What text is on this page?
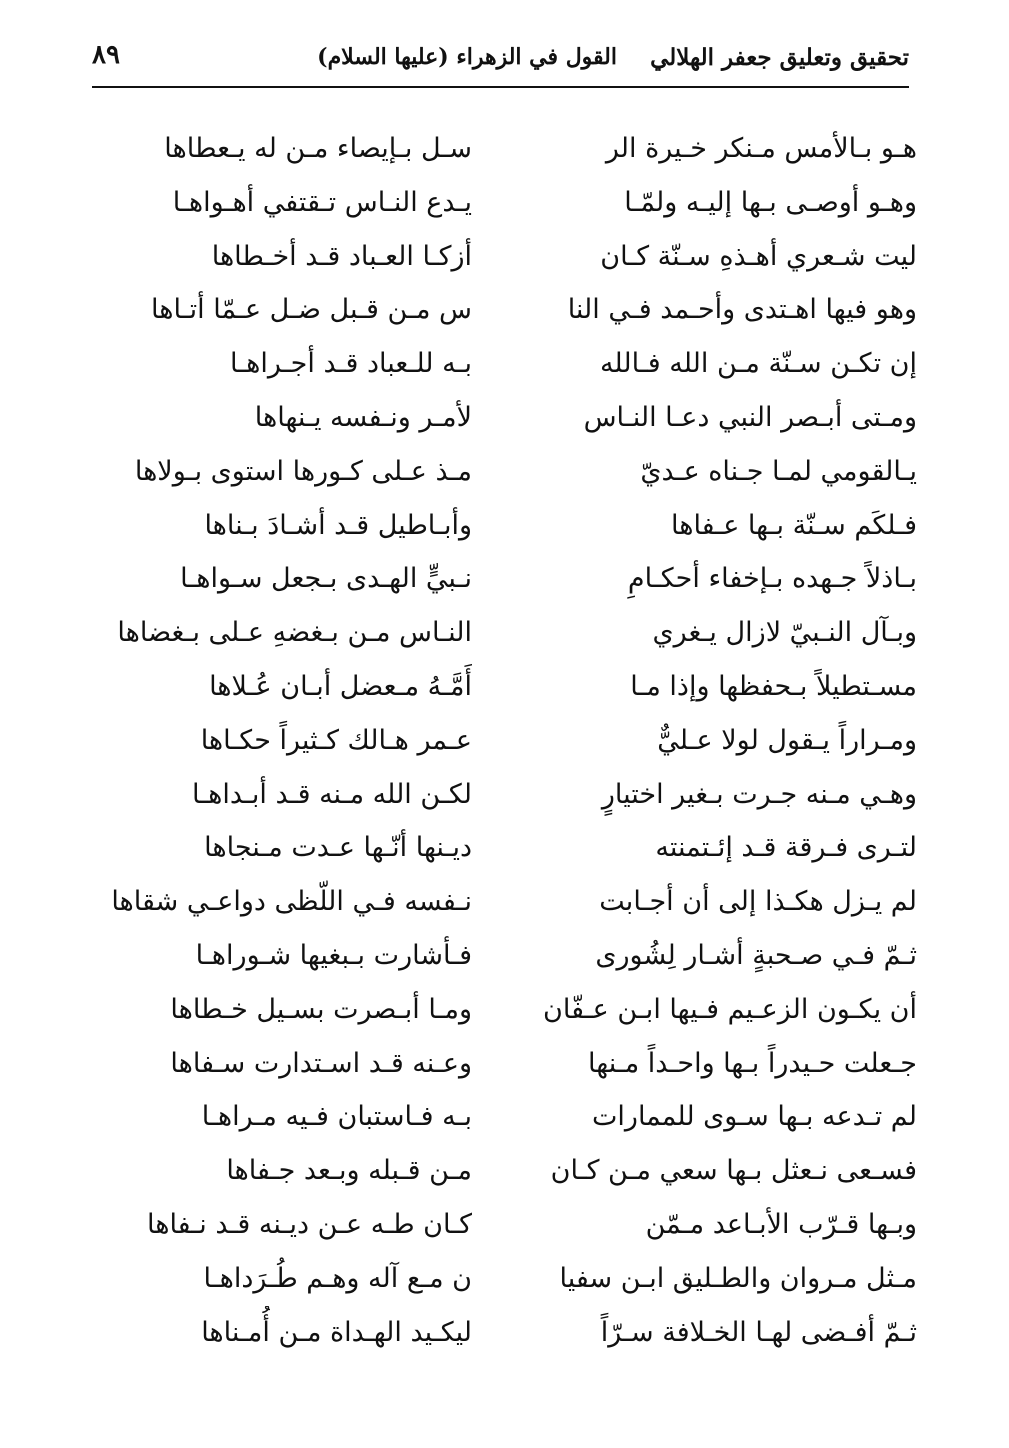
تحقيق وتعليق جعفر الهلالي
القول في الزهراء (عليها السلام)
٨٩
هـو بـالأمس مـنكر خـيرة الر
سـل بـإيصاء مـن له يـعطاها
وهـو أوصـى بـها إليـه ولمّـا
يـدع النـاس تـقتفي أهـواهـا
ليت شـعري أهـذهِ سـنّة كـان
أزكـا العـباد قـد أخـطاها
وهو فيها اهـتدى وأحـمد فـي النا
س مـن قـبل ضـل عـمّا أتـاها
إن تكـن سـنّة مـن الله فـالله
بـه للـعباد قـد أجـراهـا
ومـتى أبـصر النبي دعـا النـاس
لأمـر ونـفسه يـنهاها
يـالقومي لمـا جـناه عـديّ
مـذ عـلى كـورها استوى بـولاها
فـلكَم سـنّة بـها عـفاها
وأبـاطيل قـد أشـادَ بـناها
بـاذلاً جـهده بـإخفاء أحكـامِ
نـبيٍّ الهـدى بـجعل سـواهـا
وبـآل النـبيّ لازال يـغري
النـاس مـن بـغضهِ عـلى بـغضاها
مسـتطيلاً بـحفظها وإذا مـا
أَمَّـهُ مـعضل أبـان عُـلاها
ومـراراً يـقول لولا عـليٌّ
عـمر هـالك كـثيراً حكـاها
وهـي مـنه جـرت بـغير اختيارٍ
لكـن الله مـنه قـد أبـداهـا
لتـرى فـرقة قـد إئـتمنته
ديـنها أنّـها عـدت مـنجاها
لم يـزل هكـذا إلى أن أجـابت
نـفسه فـي اللّظى دواعـي شقاها
ثـمّ فـي صـحبةٍ أشـار لِشُورى
فـأشارت بـبغيها شـوراهـا
أن يكـون الزعـيم فـيها ابـن عـفّان
ومـا أبـصرت بسـيل خـطاها
جـعلت حـيدراً بـها واحـداً مـنها
وعـنه قـد اسـتدارت سـفاها
لم تـدعه بـها سـوى للممارات
بـه فـاستبان فـيه مـراهـا
فسـعى نـعثل بـها سعي مـن كـان
مـن قـبله وبـعد جـفاها
وبـها قـرّب الأبـاعد مـمّن
كـان طـه عـن ديـنه قـد نـفاها
مـثل مـروان والطـليق ابـن سفيا
ن مـع آله وهـم طُـرَداهـا
ثـمّ أفـضى لهـا الخـلافة سـرّاً
ليكـيد الهـداة مـن أُمـناها
